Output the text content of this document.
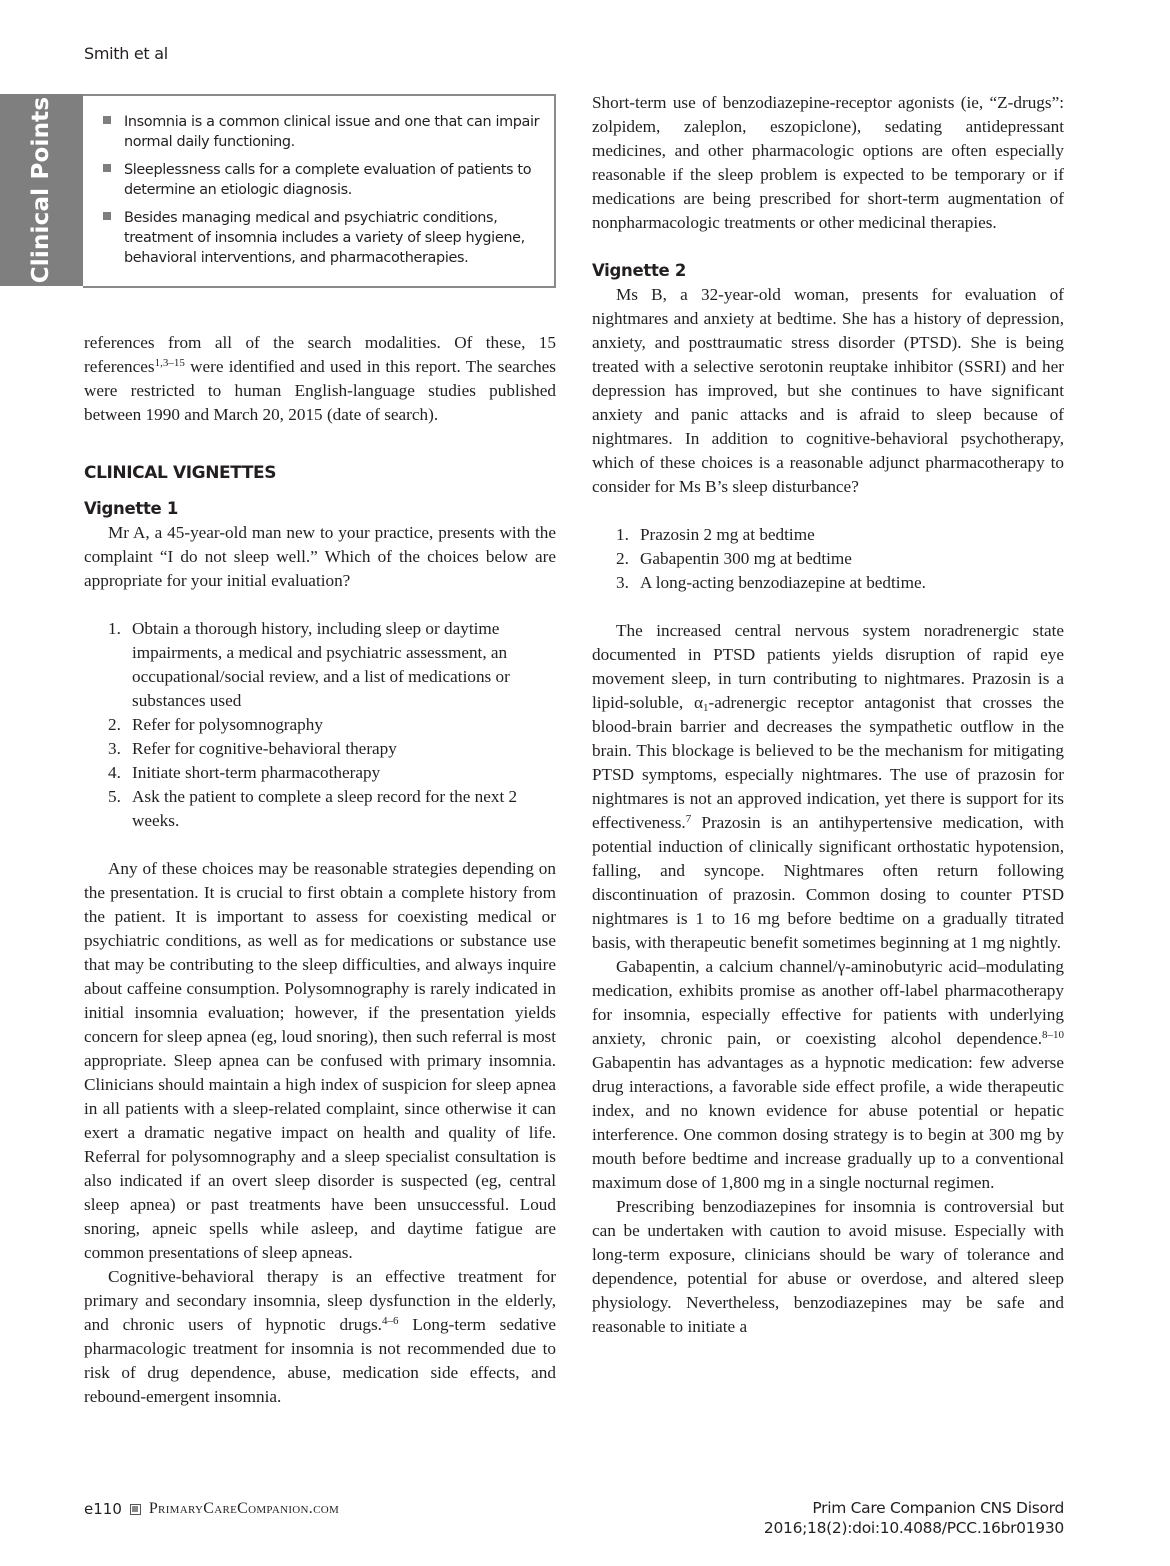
Smith et al
Clinical Points	Insomnia is a common clinical issue and one that can impair normal daily functioning.
Sleeplessness calls for a complete evaluation of patients to determine an etiologic diagnosis.
Besides managing medical and psychiatric conditions, treatment of insomnia includes a variety of sleep hygiene, behavioral interventions, and pharmacotherapies.

references from all of the search modalities. Of these, 15 references$^{1,3-15}$ were identified and used in this report. The searches were restricted to human English-language studies published between 1990 and March 20, 2015 (date of search).

CLINICAL VIGNETTES
Vignette 1

Mr A, a 45-year-old man new to your practice, presents with the complaint “I do not sleep well.” Which of the choices below are appropriate for your initial evaluation?

1. Obtain a thorough history, including sleep or daytime impairments, a medical and psychiatric assessment, an occupational/social review, and a list of medications or substances used
2. Refer for polysomnography
3. Refer for cognitive-behavioral therapy
4. Initiate short-term pharmacotherapy
5. Ask the patient to complete a sleep record for the next 2 weeks.

Any of these choices may be reasonable strategies depending on the presentation. It is crucial to first obtain a complete history from the patient. It is important to assess for coexisting medical or psychiatric conditions, as well as for medications or substance use that may be contributing to the sleep difficulties, and always inquire about caffeine consumption. Polysomnography is rarely indicated in initial insomnia evaluation; however, if the presentation yields concern for sleep apnea (eg, loud snoring), then such referral is most appropriate. Sleep apnea can be confused with primary insomnia. Clinicians should maintain a high index of suspicion for sleep apnea in all patients with a sleep-related complaint, since otherwise it can exert a dramatic negative impact on health and quality of life. Referral for polysomnography and a sleep specialist consultation is also indicated if an overt sleep disorder is suspected (eg, central sleep apnea) or past treatments have been unsuccessful. Loud snoring, apneic spells while asleep, and daytime fatigue are common presentations of sleep apneas.

Cognitive-behavioral therapy is an effective treatment for primary and secondary insomnia, sleep dysfunction in the elderly, and chronic users of hypnotic drugs.$^{4-6}$ Long-term sedative pharmacologic treatment for insomnia is not recommended due to risk of drug dependence, abuse, medication side effects, and rebound-emergent insomnia.

Short-term use of benzodiazepine-receptor agonists (ie, “Z-drugs”: zolpidem, zaleplon, eszopiclone), sedating antidepressant medicines, and other pharmacologic options are often especially reasonable if the sleep problem is expected to be temporary or if medications are being prescribed for short-term augmentation of nonpharmacologic treatments or other medicinal therapies.

Vignette 2

Ms B, a 32-year-old woman, presents for evaluation of nightmares and anxiety at bedtime. She has a history of depression, anxiety, and posttraumatic stress disorder (PTSD). She is being treated with a selective serotonin reuptake inhibitor (SSRI) and her depression has improved, but she continues to have significant anxiety and panic attacks and is afraid to sleep because of nightmares. In addition to cognitive-behavioral psychotherapy, which of these choices is a reasonable adjunct pharmacotherapy to consider for Ms B’s sleep disturbance?

1. Prazosin 2 mg at bedtime
2. Gabapentin 300 mg at bedtime
3. A long-acting benzodiazepine at bedtime.

The increased central nervous system noradrenergic state documented in PTSD patients yields disruption of rapid eye movement sleep, in turn contributing to nightmares. Prazosin is a lipid-soluble, $\alpha_1$-adrenergic receptor antagonist that crosses the blood-brain barrier and decreases the sympathetic outflow in the brain. This blockage is believed to be the mechanism for mitigating PTSD symptoms, especially nightmares. The use of prazosin for nightmares is not an approved indication, yet there is support for its effectiveness.$^7$ Prazosin is an antihypertensive medication, with potential induction of clinically significant orthostatic hypotension, falling, and syncope. Nightmares often return following discontinuation of prazosin. Common dosing to counter PTSD nightmares is 1 to 16 mg before bedtime on a gradually titrated basis, with therapeutic benefit sometimes beginning at 1 mg nightly.

Gabapentin, a calcium channel/γ-aminobutyric acid–modulating medication, exhibits promise as another off-label pharmacotherapy for insomnia, especially effective for patients with underlying anxiety, chronic pain, or coexisting alcohol dependence.$^{8-10}$ Gabapentin has advantages as a hypnotic medication: few adverse drug interactions, a favorable side effect profile, a wide therapeutic index, and no known evidence for abuse potential or hepatic interference. One common dosing strategy is to begin at 300 mg by mouth before bedtime and increase gradually up to a conventional maximum dose of 1,800 mg in a single nocturnal regimen.

Prescribing benzodiazepines for insomnia is controversial but can be undertaken with caution to avoid misuse. Especially with long-term exposure, clinicians should be wary of tolerance and dependence, potential for abuse or overdose, and altered sleep physiology. Nevertheless, benzodiazepines may be safe and reasonable to initiate a

e110 PrimaryCareCompanion.com	Prim Care Companion CNS Disord
2016;18(2):doi:10.4088/PCC.16br01930
